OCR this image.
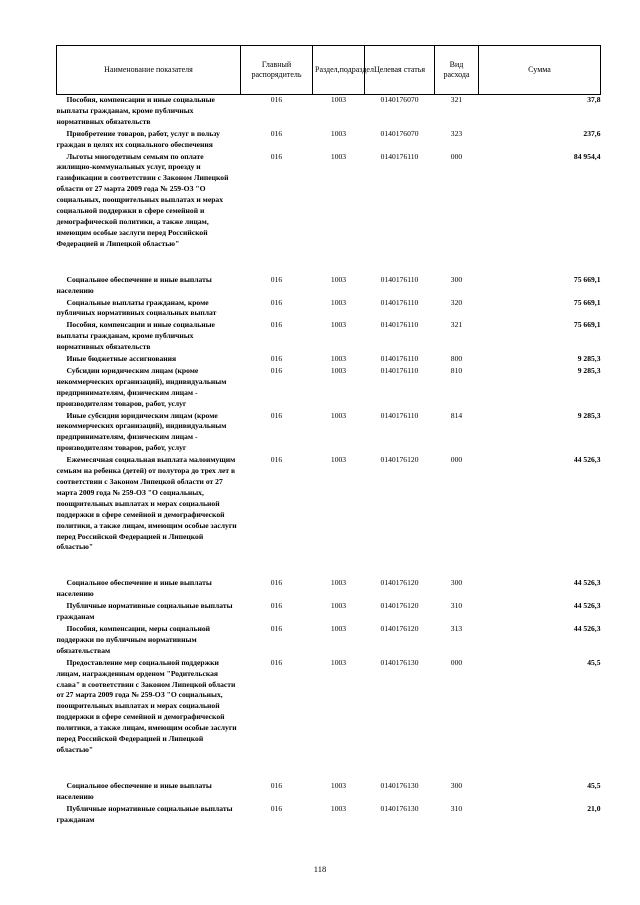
Наименование показателя	Главный распорядитель	Раздел,подраздел	Целевая статья	Вид расхода	Сумма
Пособия, компенсации и иные социальные выплаты гражданам, кроме публичных нормативных обязательств	016	1003	0140176070	321	37,8
Приобретение товаров, работ, услуг в пользу граждан в целях их социального обеспечения	016	1003	0140176070	323	237,6
Льготы многодетным семьям по оплате жилищно-коммунальных услуг, проезду и газификации в соответствии с Законом Липецкой области от 27 марта 2009 года № 259-ОЗ "О социальных, поощрительных выплатах и мерах социальной поддержки в сфере семейной и демографической политики, а также лицам, имеющим особые заслуги перед Российской Федерацией и Липецкой областью"	016	1003	0140176110	000	84 954,4

Социальное обеспечение и иные выплаты населению	016	1003	0140176110	300	75 669,1
Социальные выплаты гражданам, кроме публичных нормативных социальных выплат	016	1003	0140176110	320	75 669,1
Пособия, компенсации и иные социальные выплаты гражданам, кроме публичных нормативных обязательств	016	1003	0140176110	321	75 669,1
Иные бюджетные ассигнования	016	1003	0140176110	800	9 285,3
Субсидии юридическим лицам (кроме некоммерческих организаций), индивидуальным предпринимателям, физическим лицам - производителям товаров, работ, услуг	016	1003	0140176110	810	9 285,3
Иные субсидии юридическим лицам (кроме некоммерческих организаций), индивидуальным предпринимателям, физическим лицам - производителям товаров, работ, услуг	016	1003	0140176110	814	9 285,3
Ежемесячная социальная выплата малоимущим семьям на ребенка (детей) от полутора до трех лет в соответствии с Законом Липецкой области от 27 марта 2009 года № 259-ОЗ "О социальных, поощрительных выплатах и мерах социальной поддержки в сфере семейной и демографической политики, а также лицам, имеющим особые заслуги перед Российской Федерацией и Липецкой областью"	016	1003	0140176120	000	44 526,3

Социальное обеспечение и иные выплаты населению	016	1003	0140176120	300	44 526,3
Публичные нормативные социальные выплаты гражданам	016	1003	0140176120	310	44 526,3
Пособия, компенсации, меры социальной поддержки по публичным нормативным обязательствам	016	1003	0140176120	313	44 526,3
Предоставление мер социальной поддержки лицам, награжденным орденом "Родительская слава" в соответствии с Законом Липецкой области от 27 марта 2009 года № 259-ОЗ "О социальных, поощрительных выплатах и мерах социальной поддержки в сфере семейной и демографической политики, а также лицам, имеющим особые заслуги перед Российской Федерацией и Липецкой областью"	016	1003	0140176130	000	45,5

Социальное обеспечение и иные выплаты населению	016	1003	0140176130	300	45,5
Публичные нормативные социальные выплаты гражданам	016	1003	0140176130	310	21,0
118
